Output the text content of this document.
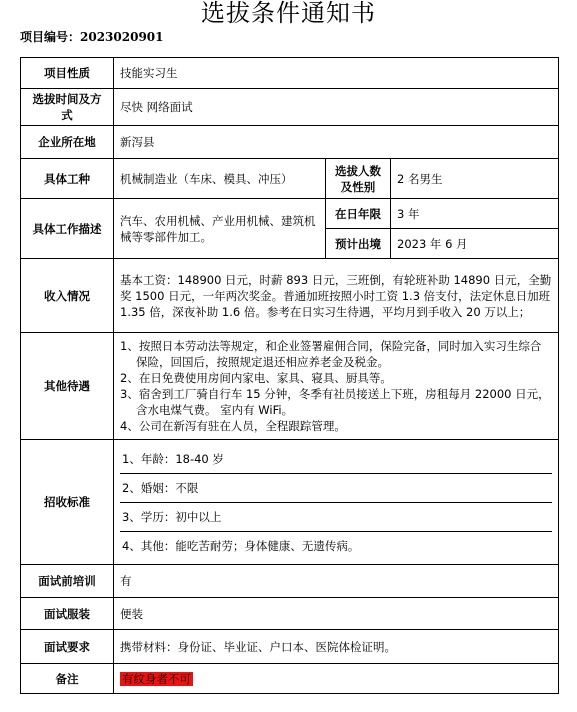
选拔条件通知书
项目编号：2023020901
项目性质	技能实习生		
选拔时间及方式	尽快 网络面试		
企业所在地	新泻县		
具体工种	机械制造业（车床、模具、冲压）	选拔人数及性别	2 名男生
具体工作描述	汽车、农用机械、产业用机械、建筑机械等零部件加工。	在日年限	3 年
		预计出境	2023 年 6 月
收入情况	基本工资：148900 日元，时薪 893 日元，三班倒，有轮班补助 14890 日元，全勤奖 1500 日元，一年两次奖金。普通加班按照小时工资 1.3 倍支付，法定休息日加班 1.35 倍，深夜补助 1.6 倍。参考在日实习生待遇，平均月到手收入 20 万以上；		

其他待遇	1、按照日本劳动法等规定，和企业签署雇佣合同，保险完备，同时加入实习生综合保险，回国后，按照规定退还相应养老金及税金。

2、在日免费使用房间内家电、家具、寝具、厨具等。

3、宿舍到工厂骑自行车 15 分钟，冬季有社员接送上下班，房租每月 22000 日元，含水电煤气费。 室内有 WiFi。

4、公司在新泻有驻在人员，全程跟踪管理。		

招收标准	1、年龄：18-40 岁
2、婚姻：不限
3、学历：初中以上
4、其他：能吃苦耐劳；身体健康、无遗传病。		

面试前培训	有		
面试服装	便装		
面试要求	携带材料：身份证、毕业证、户口本、医院体检证明。		
备注	有纹身者不可		
